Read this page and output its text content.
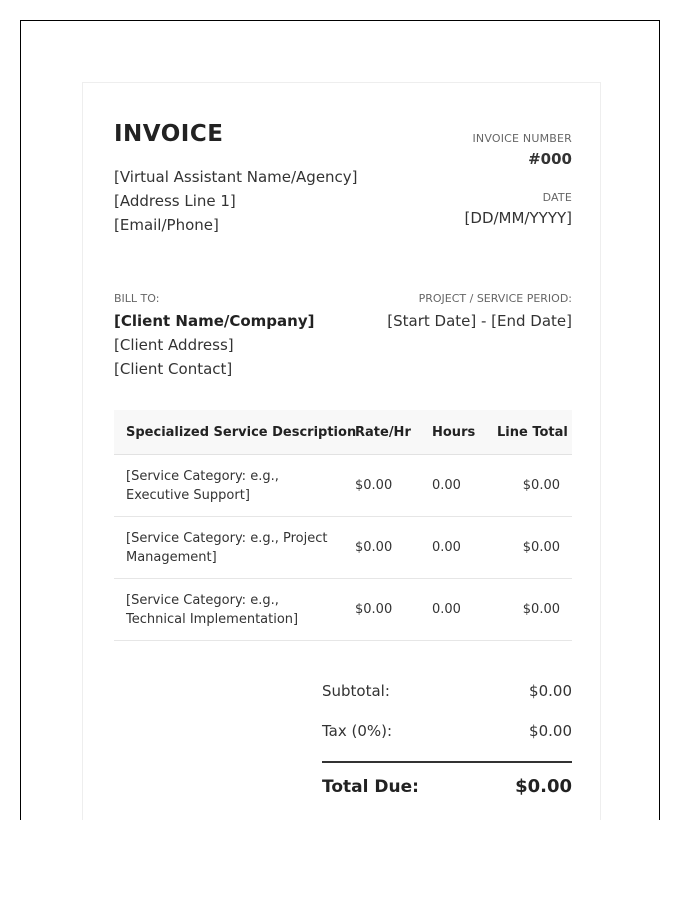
INVOICE
[Virtual Assistant Name/Agency]
[Address Line 1]
[Email/Phone]
INVOICE NUMBER
#000
DATE
[DD/MM/YYYY]
BILL TO:
[Client Name/Company]
[Client Address]
[Client Contact]
PROJECT / SERVICE PERIOD:
[Start Date] - [End Date]
Specialized Service Description	Rate/Hr	Hours	Line Total
[Service Category: e.g., Executive Support]	$0.00	0.00	$0.00
[Service Category: e.g., Project Management]	$0.00	0.00	$0.00
[Service Category: e.g., Technical Implementation]	$0.00	0.00	$0.00
Subtotal:	$0.00
Tax (0%):	$0.00
Total Due:	$0.00
